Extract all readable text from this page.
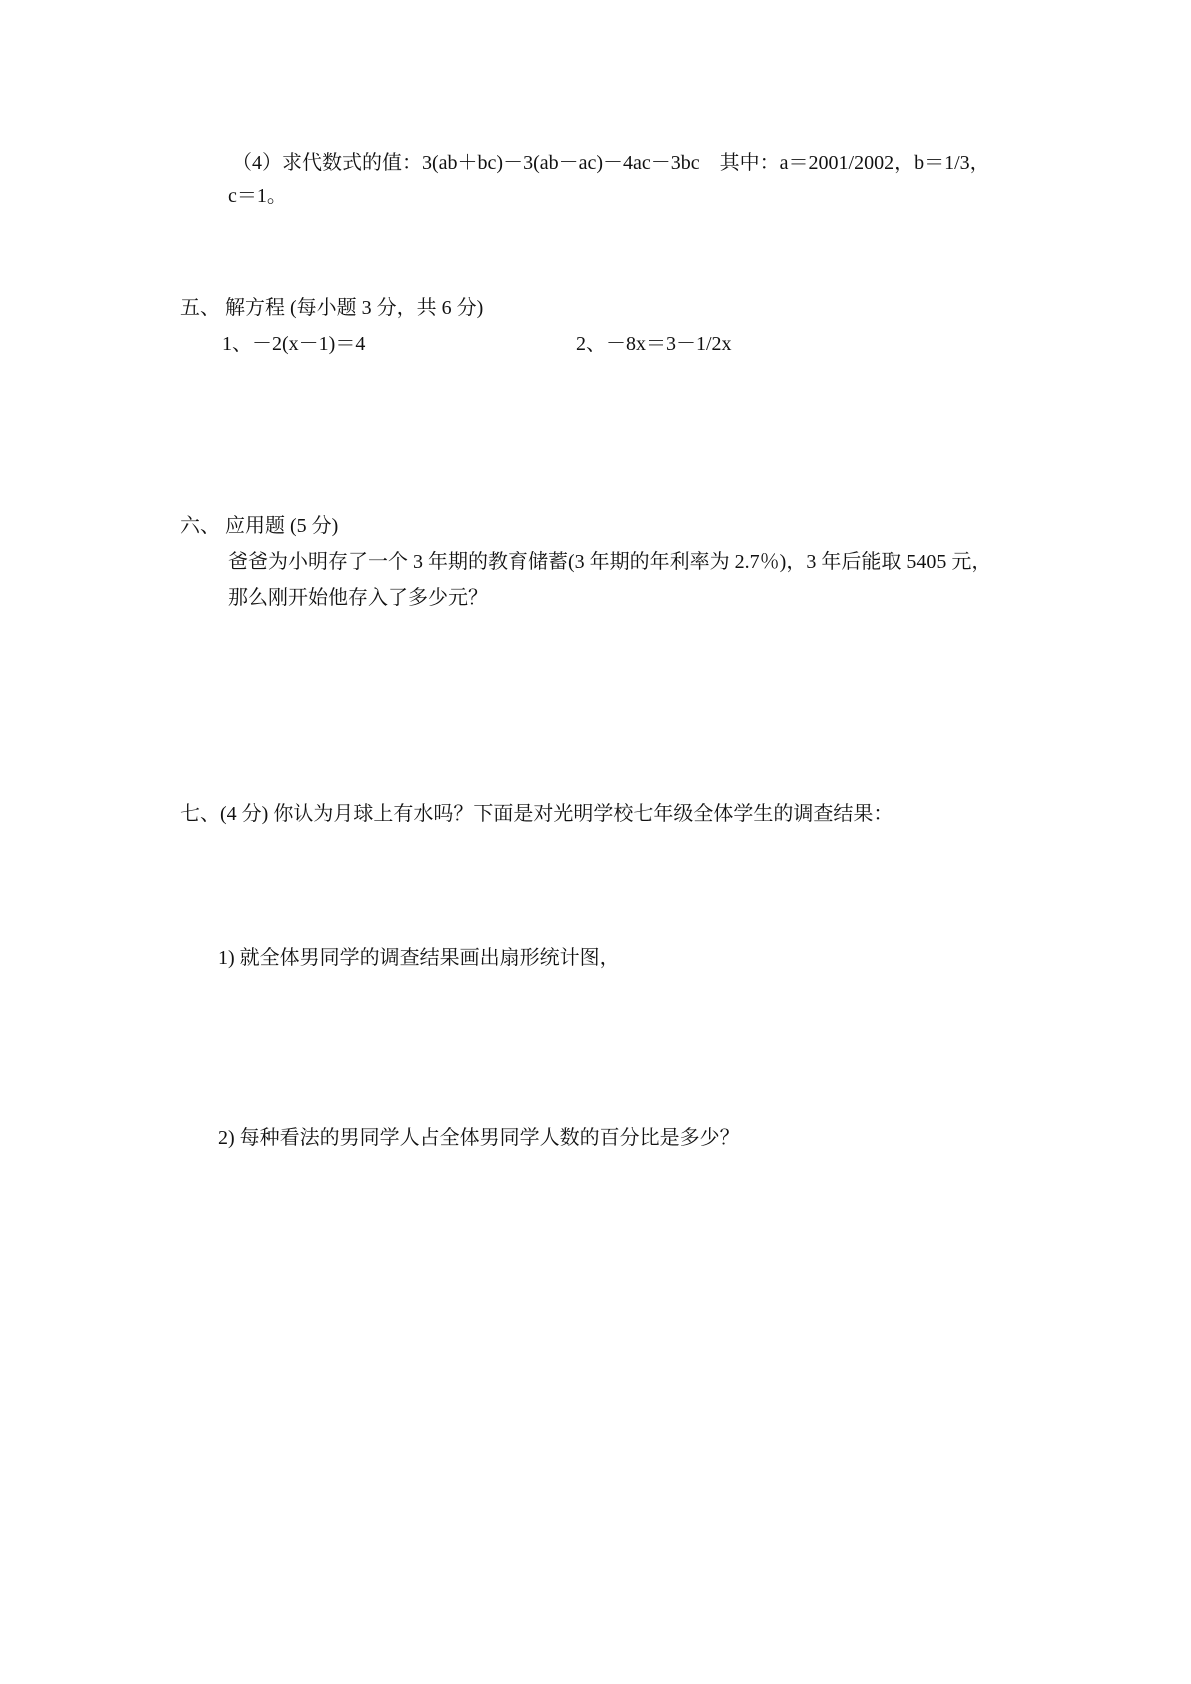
（4）求代数式的值：3(ab＋bc)－3(ab－ac)－4ac－3bc　其中：a＝2001/2002，b＝1/3，
c＝1。
五、 解方程 (每小题 3 分，共 6 分)
1、－2(x－1)＝4	2、－8x＝3－1/2x
六、 应用题 (5 分)
爸爸为小明存了一个 3 年期的教育储蓄(3 年期的年利率为 2.7％)，3 年后能取 5405 元，
那么刚开始他存入了多少元？
七、(4 分) 你认为月球上有水吗？下面是对光明学校七年级全体学生的调查结果：
1) 就全体男同学的调查结果画出扇形统计图，
2) 每种看法的男同学人占全体男同学人数的百分比是多少？
